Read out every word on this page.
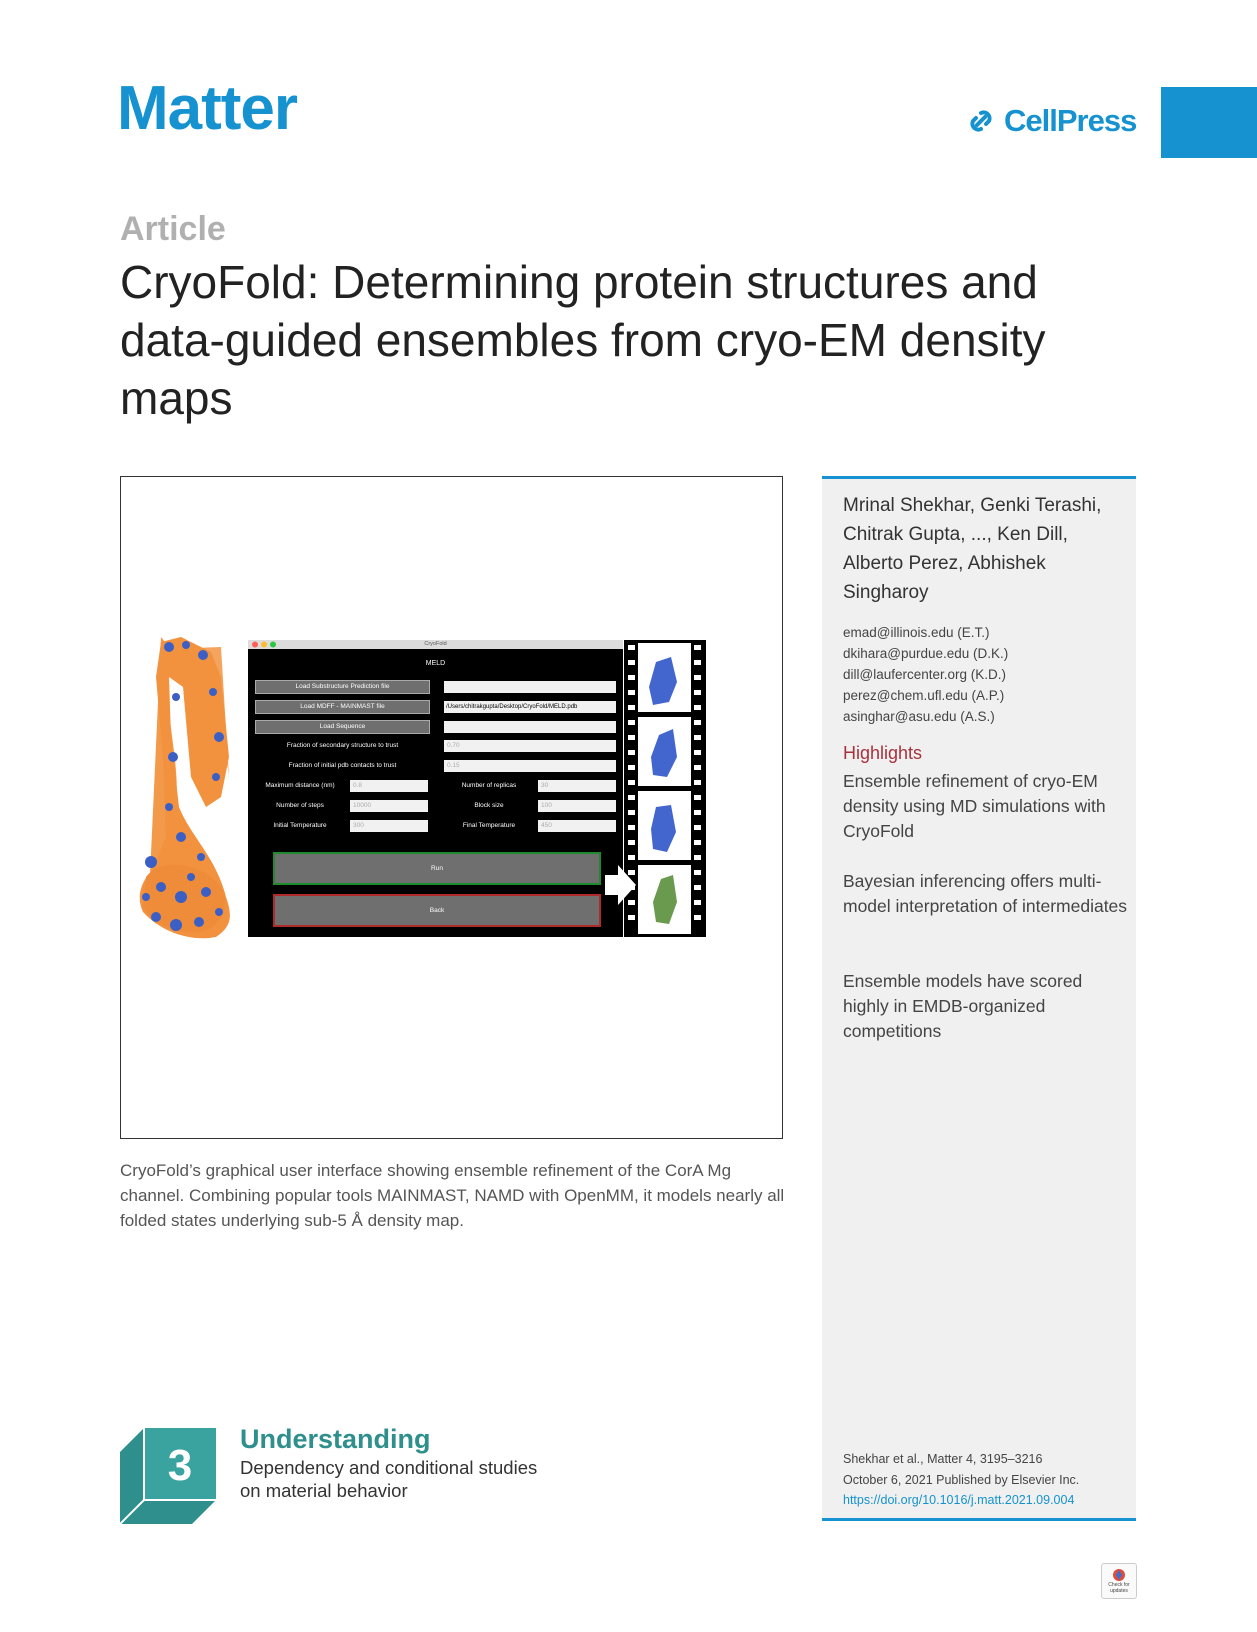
Matter	CellPress
Article
CryoFold: Determining protein structures and data-guided ensembles from cryo-EM density maps
MELD
CryoFold
Load Substructure Prediction file
Load MDFF - MAINMAST file	/Users/chitrakgupta/Desktop/CryoFold/MELD.pdb
Load Sequence
Fraction of secondary structure to trust	0.70
Fraction of initial pdb contacts to trust	0.15
Maximum distance (nm)	0.8	Number of replicas	30
Number of steps	10000	Block size	100
Initial Temperature	300	Final Temperature	450
Run
Back
CryoFold’s graphical user interface showing ensemble refinement of the CorA Mg channel. Combining popular tools MAINMAST, NAMD with OpenMM, it models nearly all folded states underlying sub-5 Å density map.
Mrinal Shekhar, Genki Terashi, Chitrak Gupta, ..., Ken Dill, Alberto Perez, Abhishek Singharoy
emad@illinois.edu (E.T.)
dkihara@purdue.edu (D.K.)
dill@laufercenter.org (K.D.)
perez@chem.ufl.edu (A.P.)
asinghar@asu.edu (A.S.)
Highlights
Ensemble refinement of cryo-EM density using MD simulations with CryoFold
Bayesian inferencing offers multi-model interpretation of intermediates
Ensemble models have scored highly in EMDB-organized competitions
Shekhar et al., Matter 4, 3195–3216
October 6, 2021 Published by Elsevier Inc.
https://doi.org/10.1016/j.matt.2021.09.004
3
Understanding
Dependency and conditional studies
on material behavior
Check for
updates
